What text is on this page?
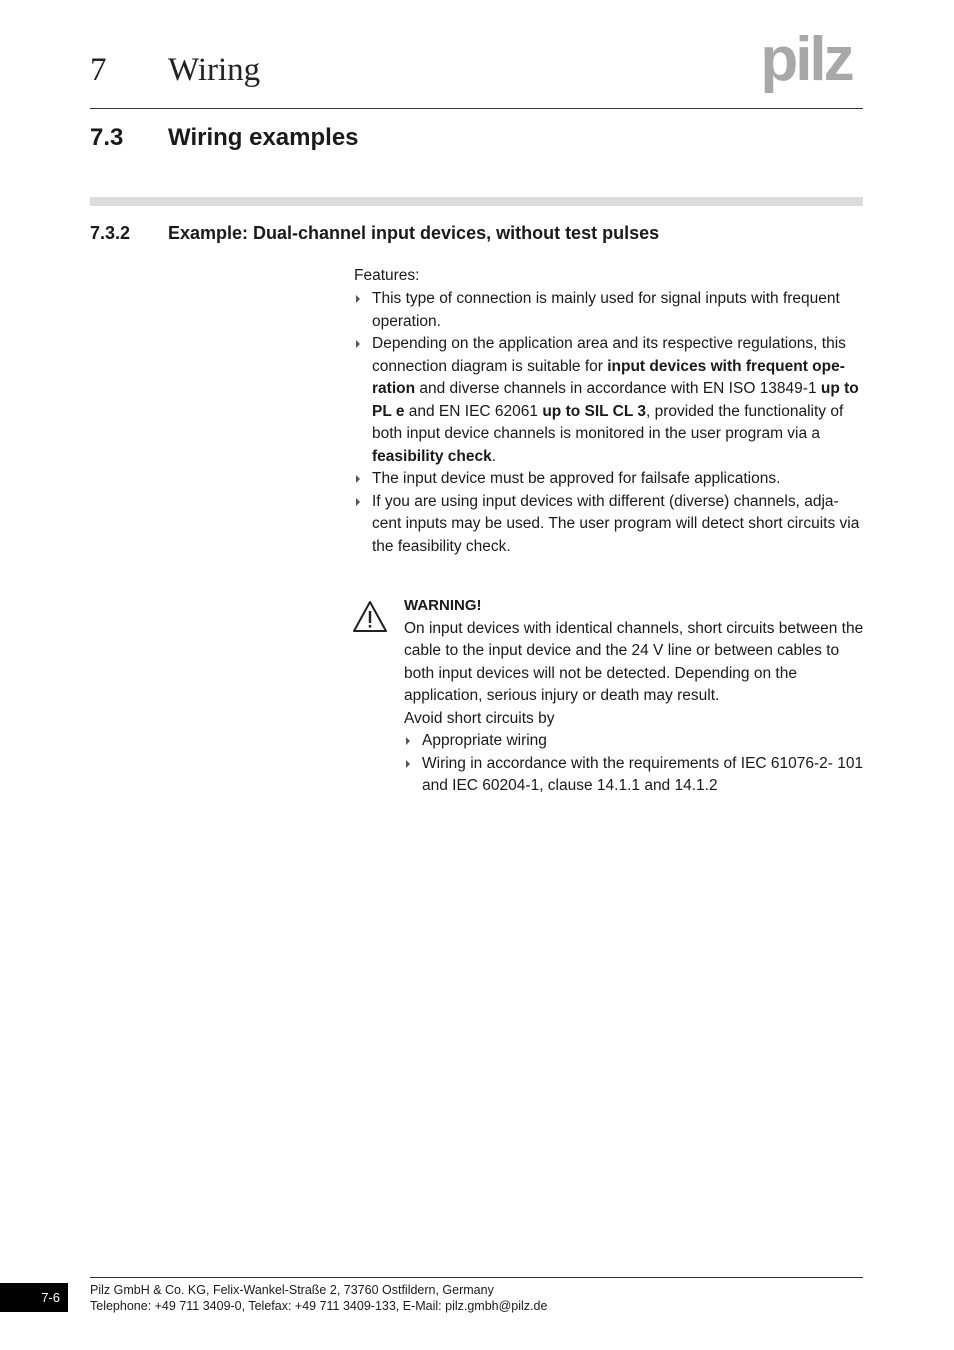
7 Wiring	pilz
7.3 Wiring examples
7.3.2 Example: Dual-channel input devices, without test pulses
Features:
This type of connection is mainly used for signal inputs with frequent operation.
Depending on the application area and its respective regulations, this connection diagram is suitable for input devices with frequent ope- ration and diverse channels in accordance with EN ISO 13849-1 up to PL e and EN IEC 62061 up to SIL CL 3, provided the functionality of both input device channels is monitored in the user program via a feasibility check.
The input device must be approved for failsafe applications.
If you are using input devices with different (diverse) channels, adja- cent inputs may be used. The user program will detect short circuits via the feasibility check.
WARNING!
On input devices with identical channels, short circuits between the cable to the input device and the 24 V line or between cables to both input devices will not be detected. Depending on the application, serious injury or death may result.
Avoid short circuits by
Appropriate wiring
Wiring in accordance with the requirements of IEC 61076-2- 101 and IEC 60204-1, clause 14.1.1 and 14.1.2
7-6	Pilz GmbH & Co. KG, Felix-Wankel-Straße 2, 73760 Ostfildern, Germany
Telephone: +49 711 3409-0, Telefax: +49 711 3409-133, E-Mail: pilz.gmbh@pilz.de
